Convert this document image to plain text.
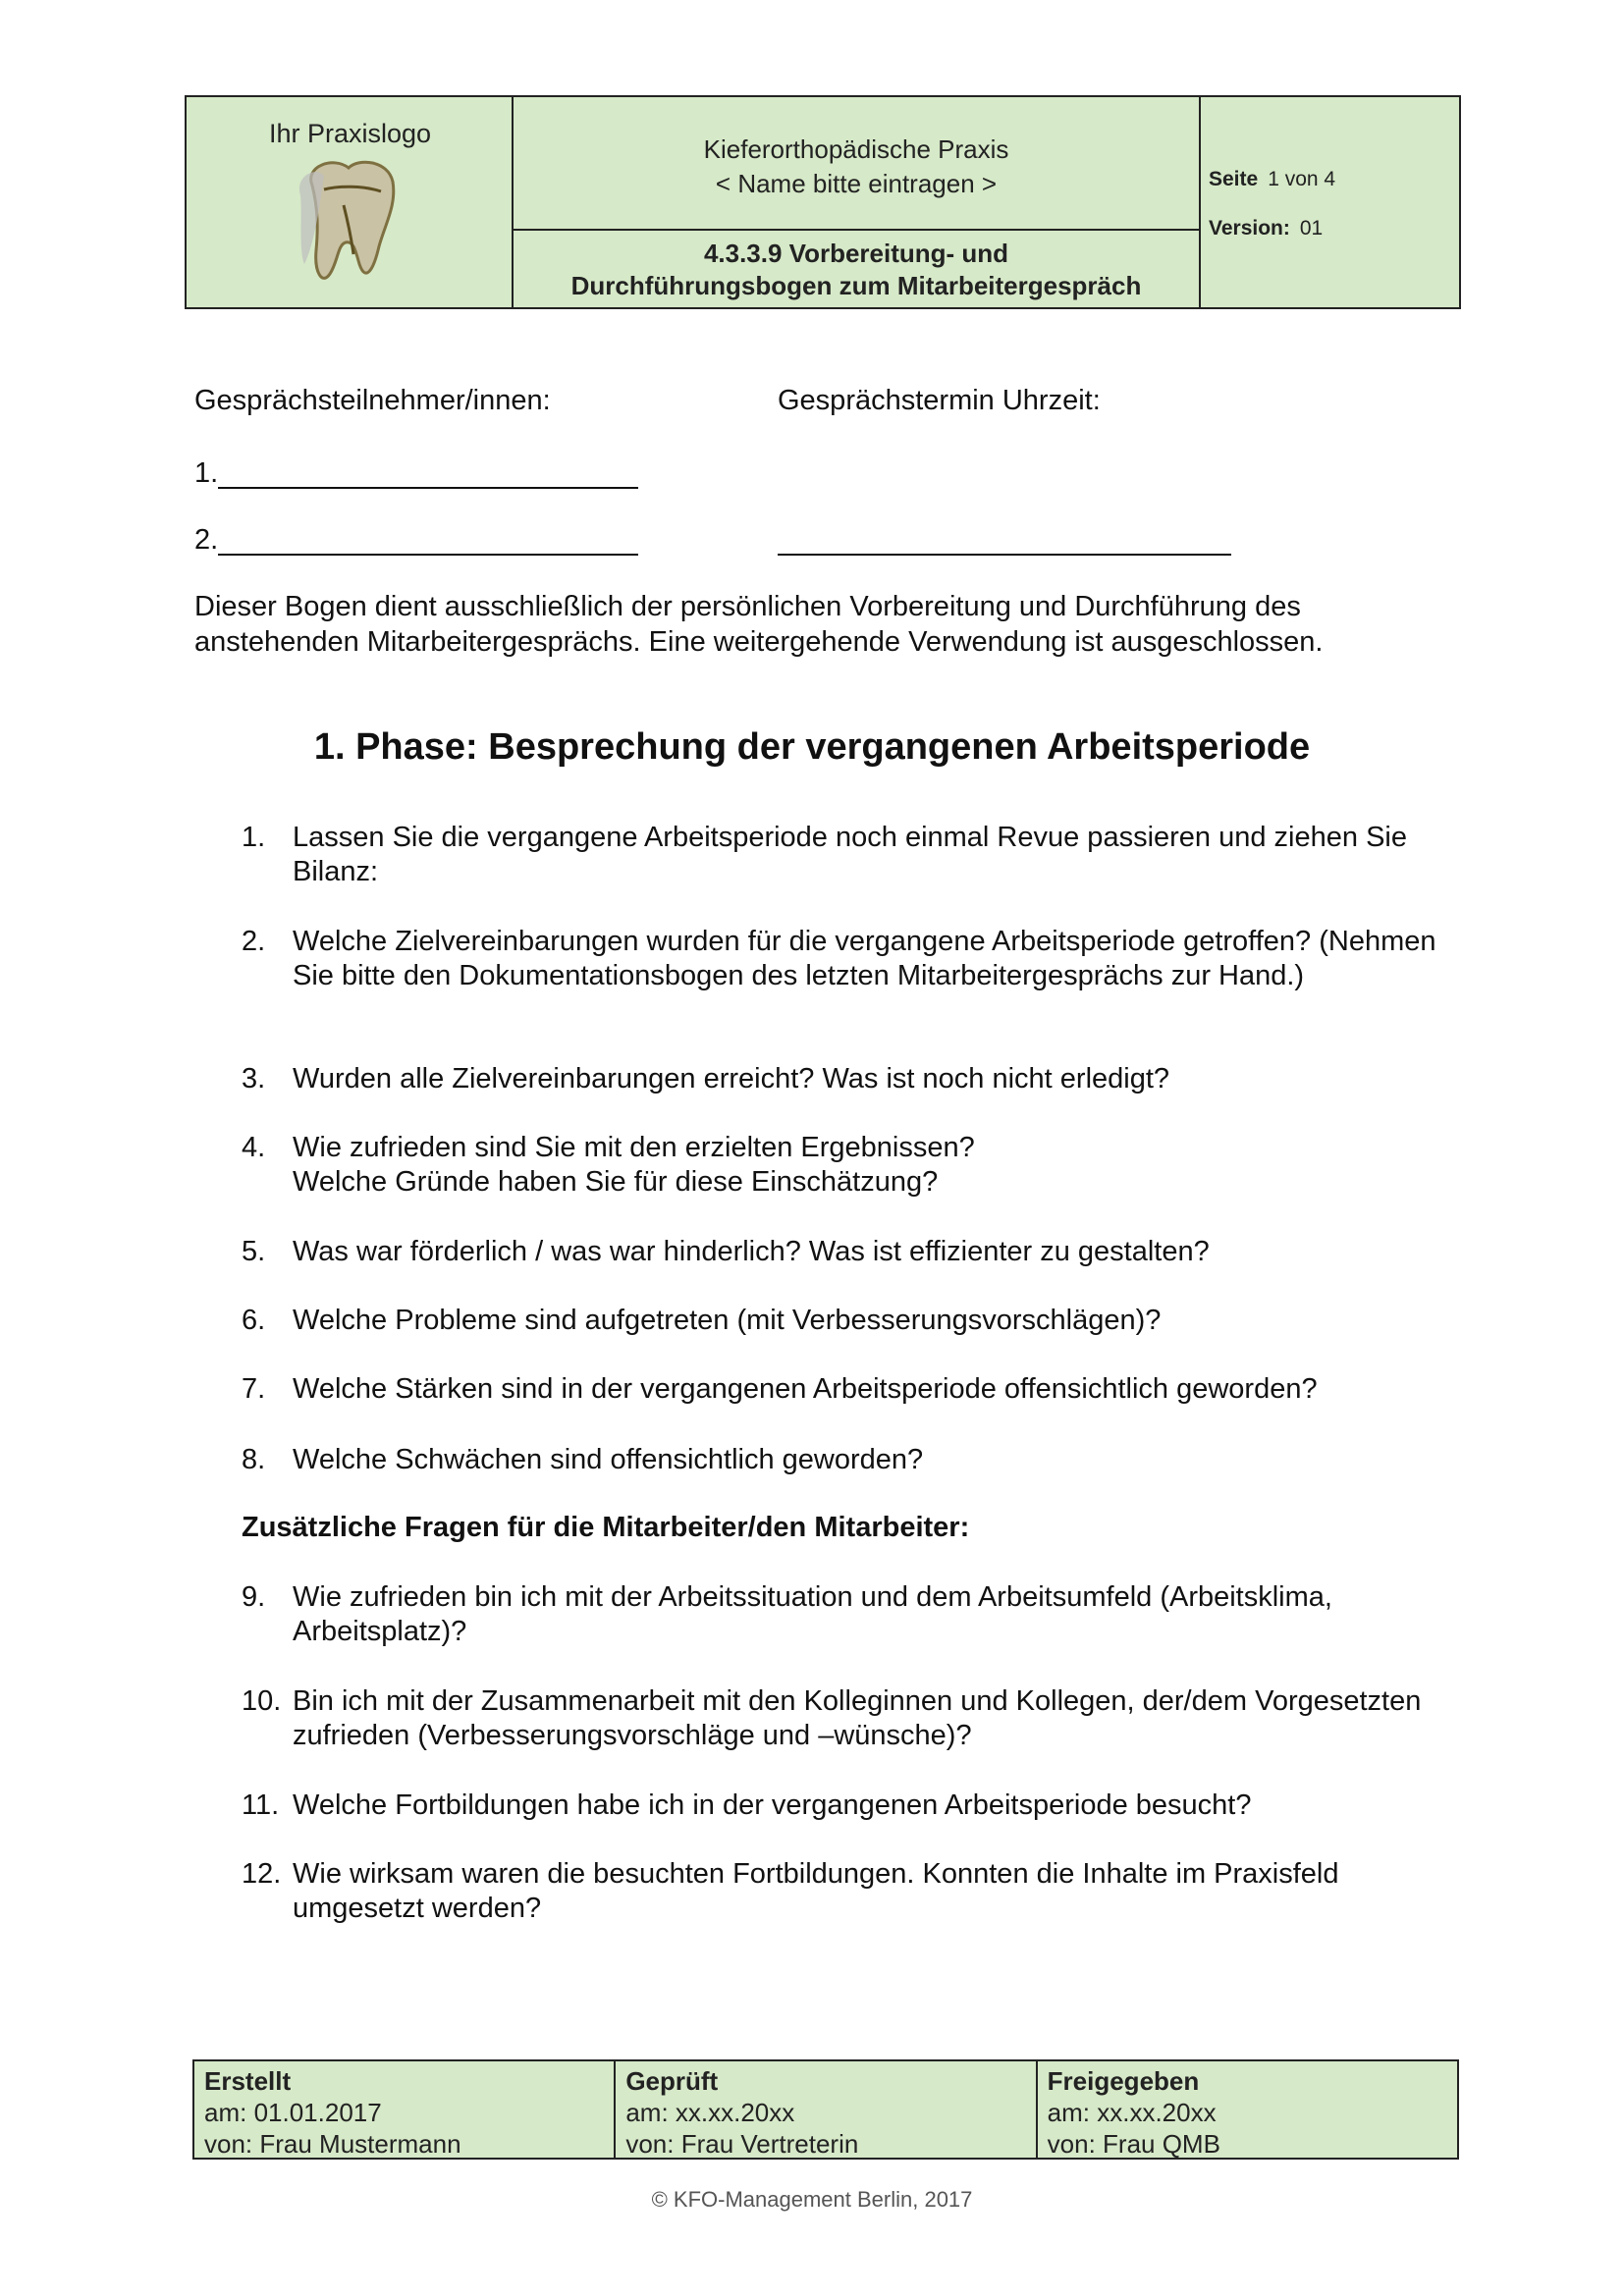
Ihr Praxislogo
Kieferorthopädische Praxis
< Name bitte eintragen >
4.3.3.9 Vorbereitung- und
Durchführungsbogen zum Mitarbeitergespräch
Seite 1 von 4
Version: 01
Gesprächsteilnehmer/innen:	Gesprächstermin Uhrzeit:
1.
2.
Dieser Bogen dient ausschließlich der persönlichen Vorbereitung und Durchführung des anstehenden Mitarbeitergesprächs. Eine weitergehende Verwendung ist ausgeschlossen.
1. Phase: Besprechung der vergangenen Arbeitsperiode
1. Lassen Sie die vergangene Arbeitsperiode noch einmal Revue passieren und ziehen Sie Bilanz:
2. Welche Zielvereinbarungen wurden für die vergangene Arbeitsperiode getroffen? (Nehmen Sie bitte den Dokumentationsbogen des letzten Mitarbeitergesprächs zur Hand.)
3. Wurden alle Zielvereinbarungen erreicht? Was ist noch nicht erledigt?
4. Wie zufrieden sind Sie mit den erzielten Ergebnissen? Welche Gründe haben Sie für diese Einschätzung?
5. Was war förderlich / was war hinderlich? Was ist effizienter zu gestalten?
6. Welche Probleme sind aufgetreten (mit Verbesserungsvorschlägen)?
7. Welche Stärken sind in der vergangenen Arbeitsperiode offensichtlich geworden?
8. Welche Schwächen sind offensichtlich geworden?
Zusätzliche Fragen für die Mitarbeiter/den Mitarbeiter:
9. Wie zufrieden bin ich mit der Arbeitssituation und dem Arbeitsumfeld (Arbeitsklima, Arbeitsplatz)?
10. Bin ich mit der Zusammenarbeit mit den Kolleginnen und Kollegen, der/dem Vorgesetzten zufrieden (Verbesserungsvorschläge und –wünsche)?
11. Welche Fortbildungen habe ich in der vergangenen Arbeitsperiode besucht?
12. Wie wirksam waren die besuchten Fortbildungen. Konnten die Inhalte im Praxisfeld umgesetzt werden?
Erstellt
am: 01.01.2017
von: Frau Mustermann
Geprüft
am: xx.xx.20xx
von: Frau Vertreterin
Freigegeben
am: xx.xx.20xx
von: Frau QMB
© KFO-Management Berlin, 2017
